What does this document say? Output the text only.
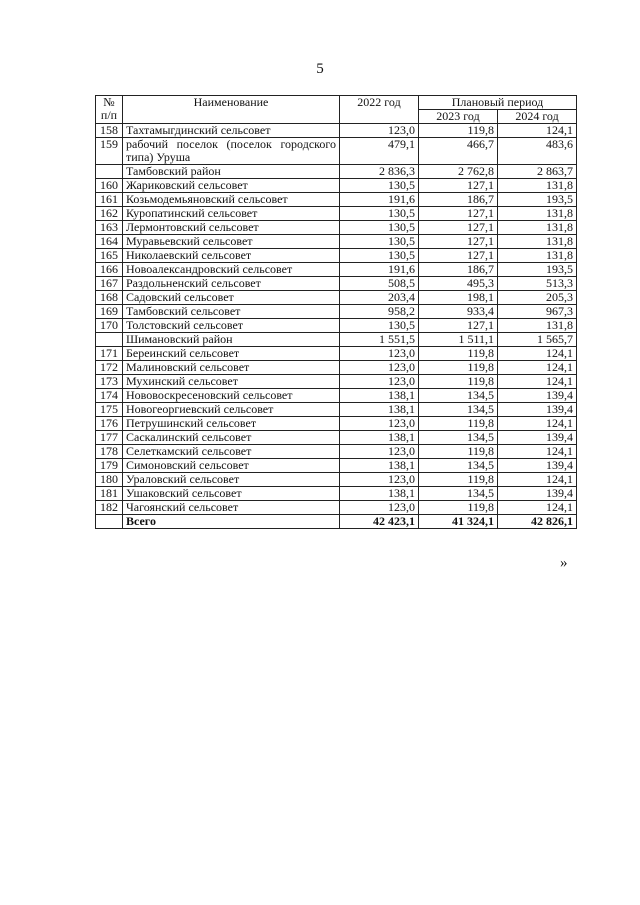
5
№
п/п	Наименование	2022 год	Плановый период	
			2023 год	2024 год
158	Тахтамыгдинский сельсовет	123,0	119,8	124,1
159	рабочий поселок (поселок городского типа) Уруша	479,1	466,7	483,6
	Тамбовский район	2 836,3	2 762,8	2 863,7
160	Жариковский сельсовет	130,5	127,1	131,8
161	Козьмодемьяновский сельсовет	191,6	186,7	193,5
162	Куропатинский сельсовет	130,5	127,1	131,8
163	Лермонтовский сельсовет	130,5	127,1	131,8
164	Муравьевский сельсовет	130,5	127,1	131,8
165	Николаевский сельсовет	130,5	127,1	131,8
166	Новоалександровский сельсовет	191,6	186,7	193,5
167	Раздольненский сельсовет	508,5	495,3	513,3
168	Садовский сельсовет	203,4	198,1	205,3
169	Тамбовский сельсовет	958,2	933,4	967,3
170	Толстовский сельсовет	130,5	127,1	131,8
	Шимановский район	1 551,5	1 511,1	1 565,7
171	Береинский сельсовет	123,0	119,8	124,1
172	Малиновский сельсовет	123,0	119,8	124,1
173	Мухинский сельсовет	123,0	119,8	124,1
174	Нововоскресеновский сельсовет	138,1	134,5	139,4
175	Новогеоргиевский сельсовет	138,1	134,5	139,4
176	Петрушинский сельсовет	123,0	119,8	124,1
177	Саскалинский сельсовет	138,1	134,5	139,4
178	Селеткамский сельсовет	123,0	119,8	124,1
179	Симоновский сельсовет	138,1	134,5	139,4
180	Ураловский сельсовет	123,0	119,8	124,1
181	Ушаковский сельсовет	138,1	134,5	139,4
182	Чагоянский сельсовет	123,0	119,8	124,1
	Всего	42 423,1	41 324,1	42 826,1
»
